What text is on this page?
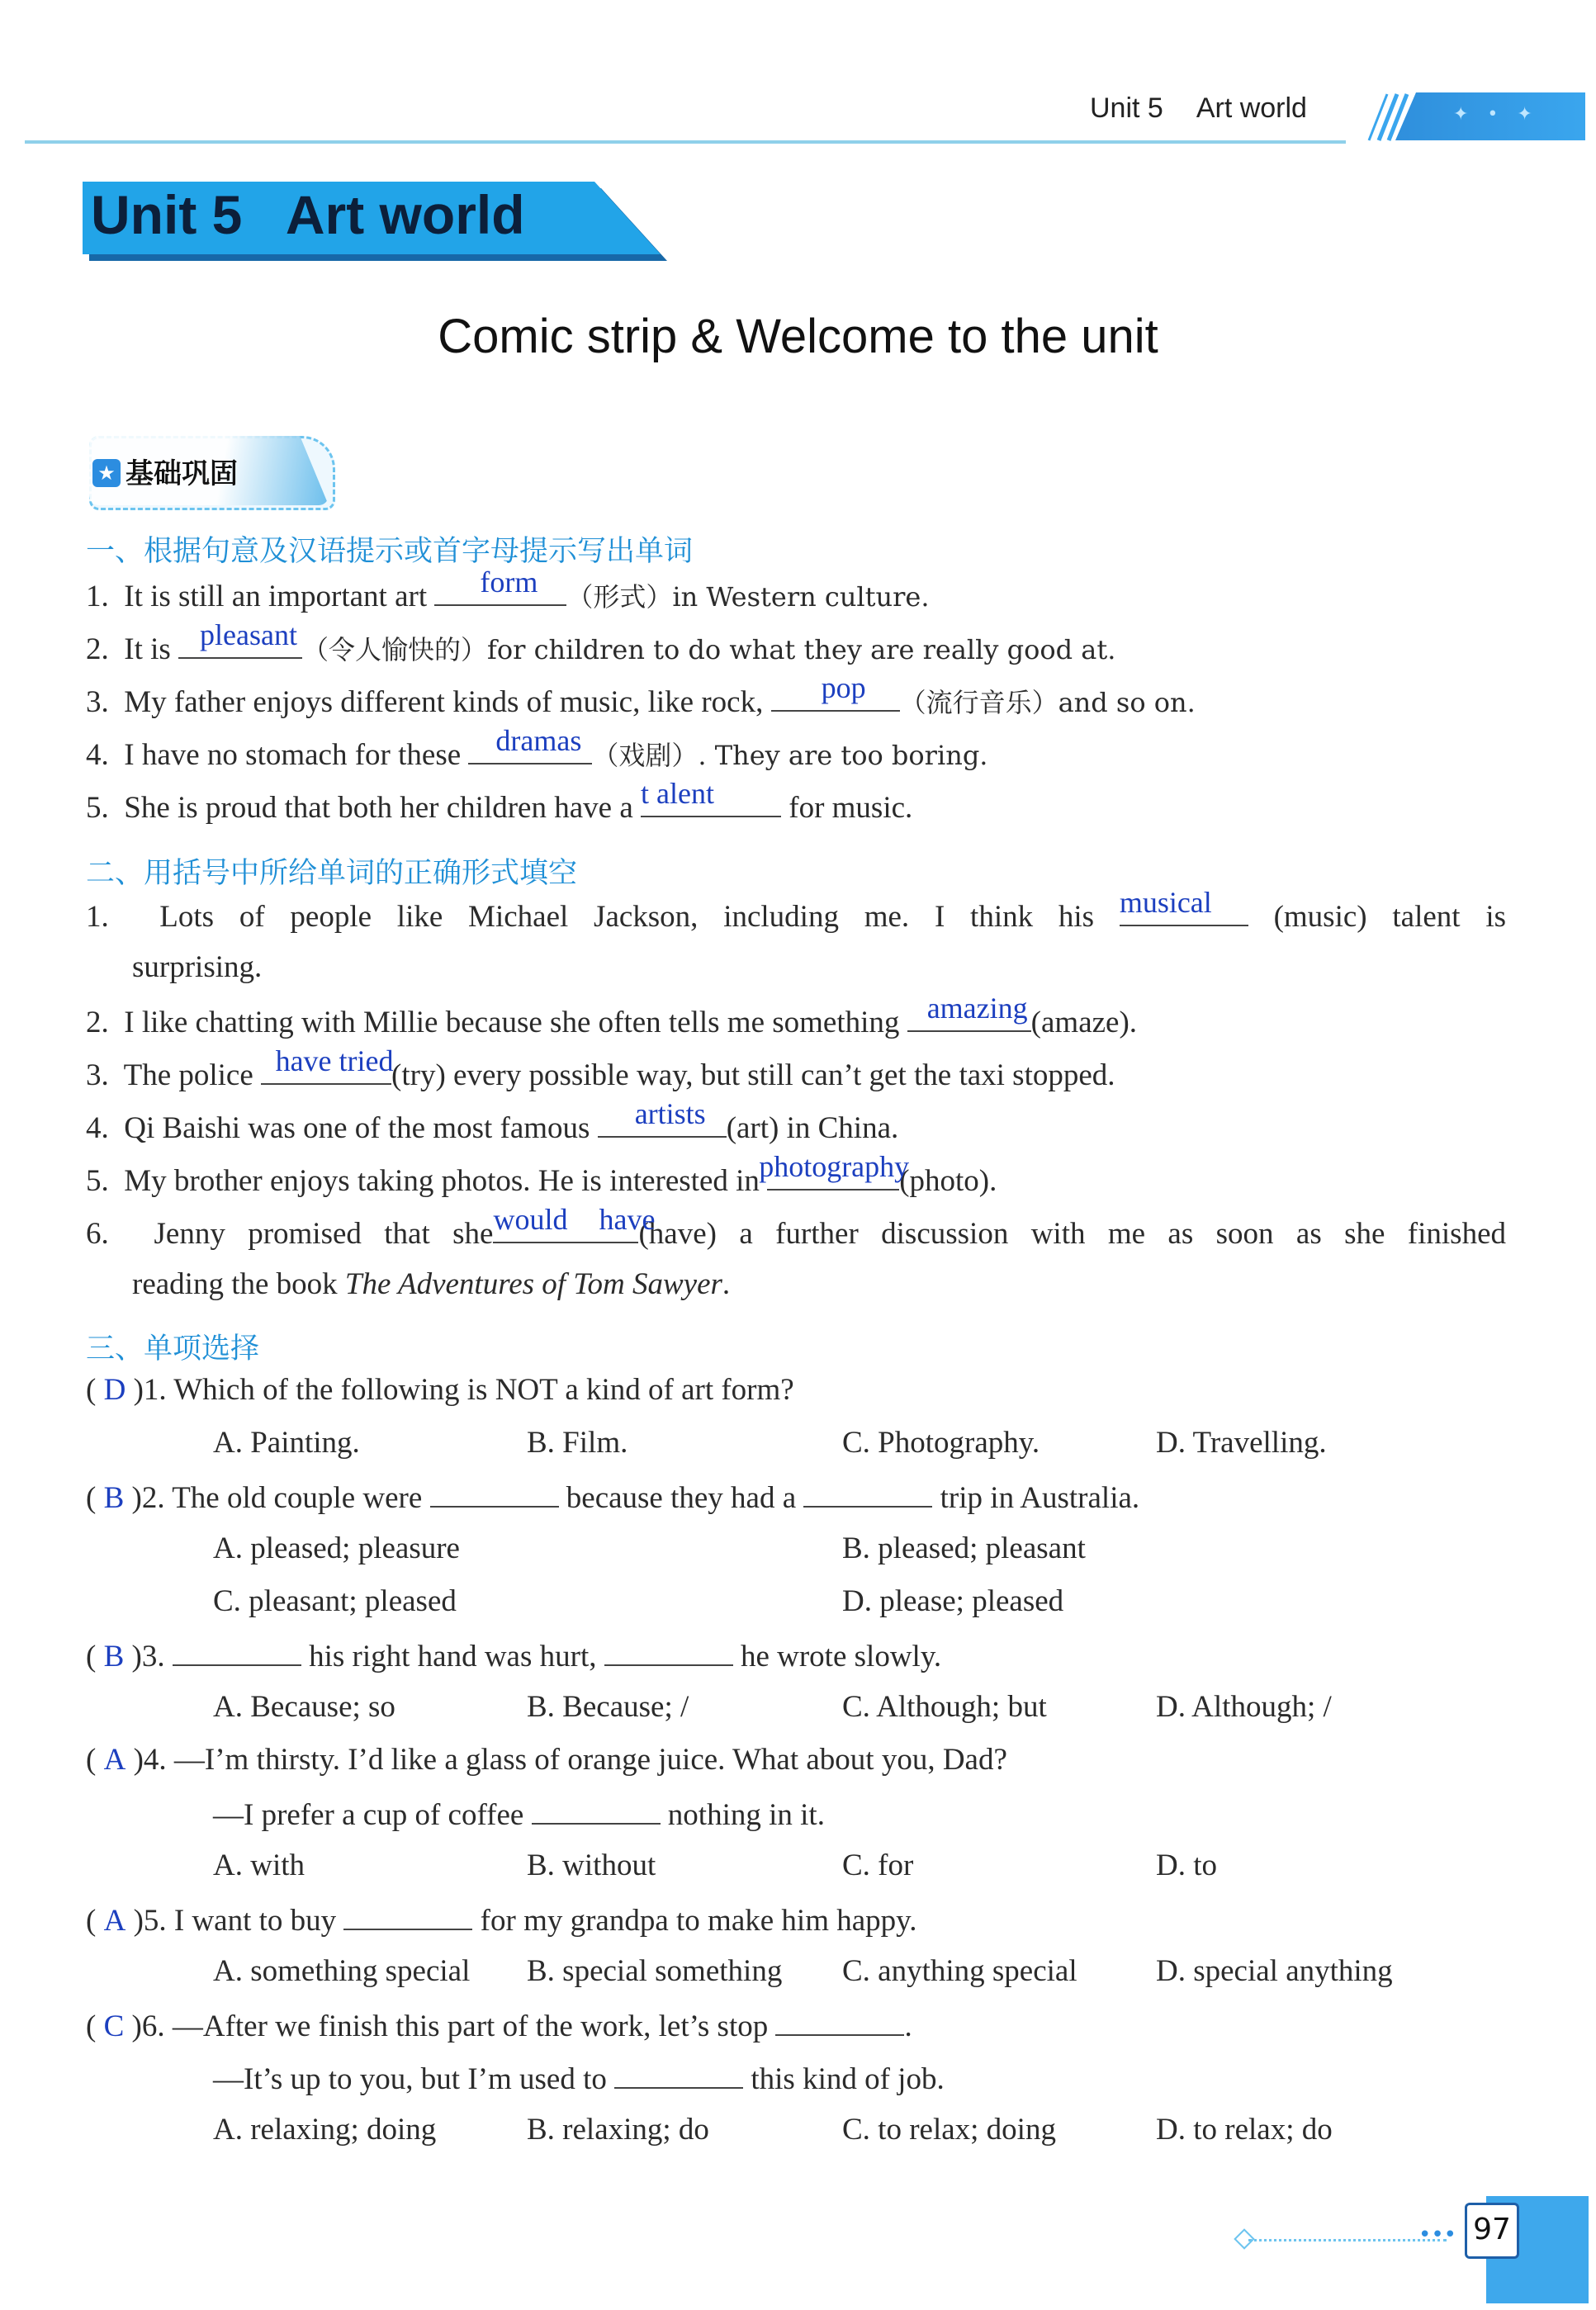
Unit 5 Art world	✦ • ✦
Unit 5   Art world
Comic strip & Welcome to the unit
★ 基础巩固
一、根据句意及汉语提示或首字母提示写出单词
1. It is still an important art	form	（形式）in Western culture.
2. It is pleasant （令人愉快的）for children to do what they are really good at.
3. My father enjoys different kinds of music, like rock,	pop	（流行音乐）and so on.
4. I have no stomach for these	dramas （戏剧）. They are too boring.
5. She is proud that both her children have a t alent	for music.
二、用括号中所给单词的正确形式填空
1. Lots of people like Michael Jackson, including me. I think his musical	(music) talent is
surprising.
2. I like chatting with Millie because she often tells me something amazing (amaze).
3. The police have tried
(try) every possible way, but still can’t get the taxi stopped.
4. Qi Baishi was one of the most famous	artists (art) in China.
5. My brother enjoys taking photos. He is interested in photography
(photo).
6. Jenny promised that she would have
(have) a further discussion with me as soon as she finished
reading the book The Adventures of Tom Sawyer.
三、单项选择
( D )1. Which of the following is NOT a kind of art form?
A. Painting.	B. Film.	C. Photography.	D. Travelling.
( B )2. The old couple were	because they had a	trip in Australia.
A. pleased; pleasure	B. pleased; pleasant
C. pleasant; pleased	D. please; pleased
( B )3.	his right hand was hurt,	he wrote slowly.
A. Because; so	B. Because; /	C. Although; but	D. Although; /
( A )4. —I’m thirsty. I’d like a glass of orange juice. What about you, Dad?
—I prefer a cup of coffee	nothing in it.
A. with	B. without	C. for	D. to
( A )5. I want to buy	for my grandpa to make him happy.
A. something special B. special something C. anything special	D. special anything
( C )6. —After we finish this part of the work, let’s stop	.
—It’s up to you, but I’m used to	this kind of job.
A. relaxing; doing	B. relaxing; do	C. to relax; doing	D. to relax; do
••• 97
